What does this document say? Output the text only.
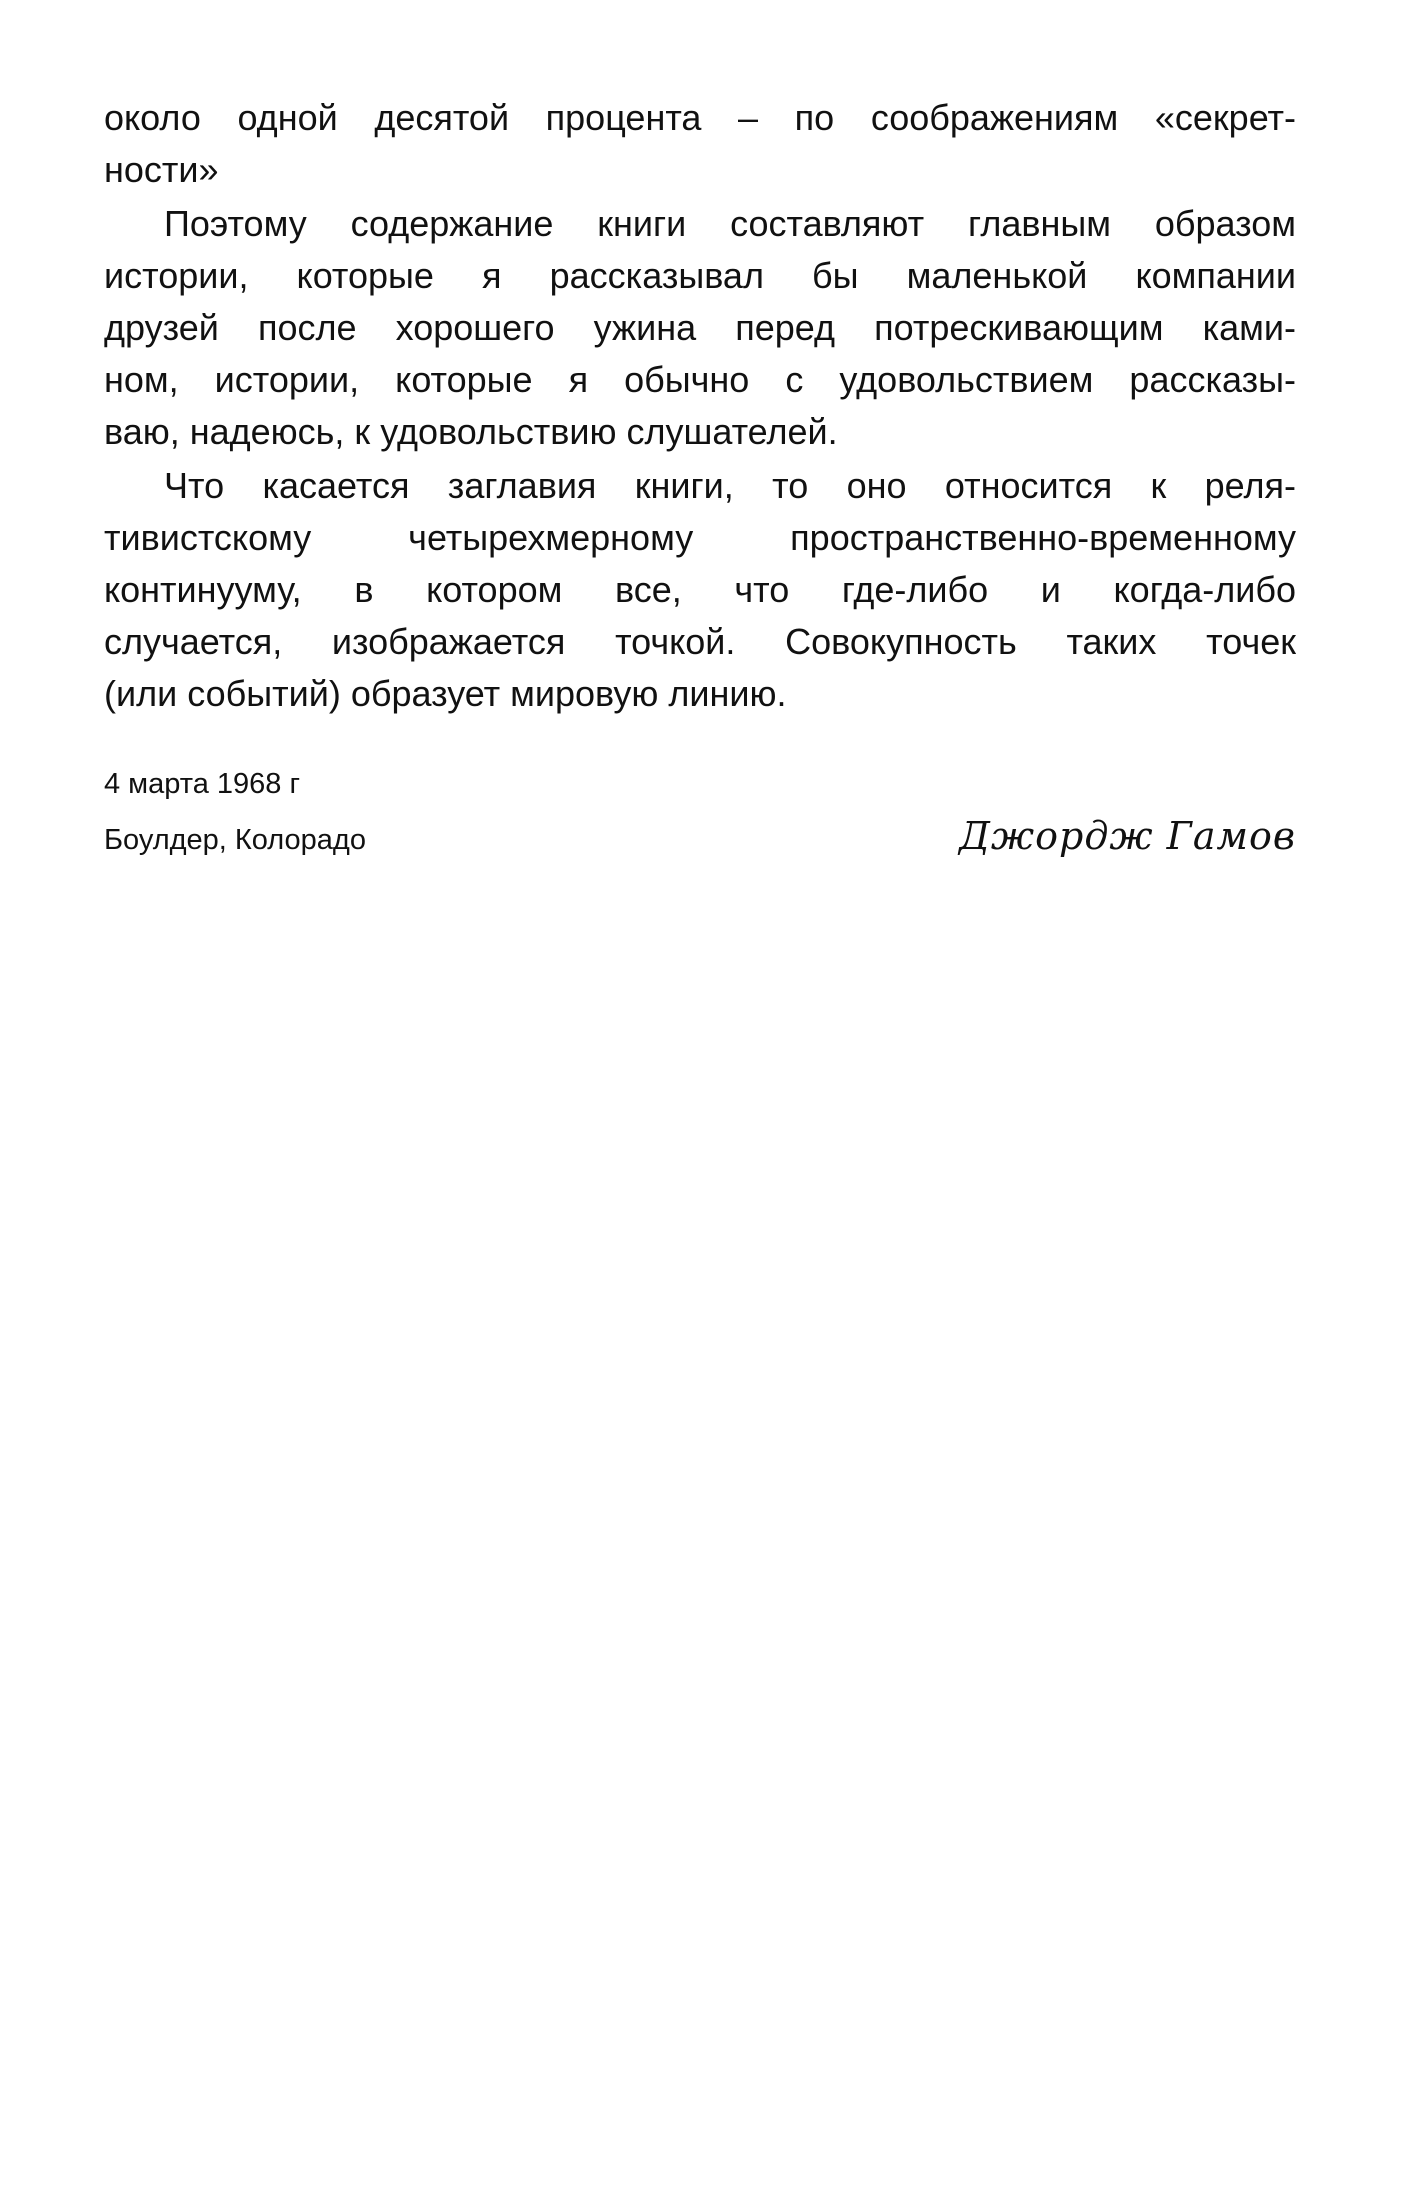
около одной десятой процента – по соображениям «секрет-
ности»
Поэтому содержание книги составляют главным образом
истории, которые я рассказывал бы маленькой компании
друзей после хорошего ужина перед потрескивающим ками-
ном, истории, которые я обычно с удовольствием рассказы-
ваю, надеюсь, к удовольствию слушателей.
Что касается заглавия книги, то оно относится к реля-
тивистскому четырехмерному пространственно-временному
континууму, в котором все, что где-либо и когда-либо
случается, изображается точкой. Совокупность таких точек
(или событий) образует мировую линию.
4 марта 1968 г
Боулдер, Колорадо	Джордж Гамов
